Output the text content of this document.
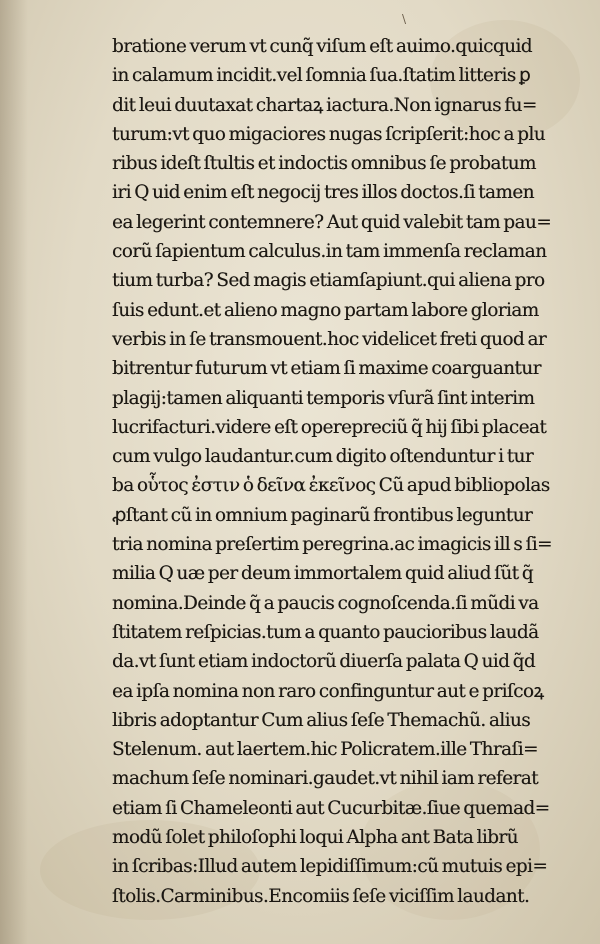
\
bratione verum vt cunq̃ viſum eſt auimo.quicquid
in calamum incidit.vel ſomnia ſua.ſtatim litteris ꝑ
dit leui duutaxat chartaꝝ iactura.Non ignarus fu=
turum:vt quo migaciores nugas ſcripſerit:hoc a plu
ribus ideſt ſtultis et indoctis omnibus ſe probatum
iri Q uid enim eſt negocij tres illos doctos.ſi tamen
ea legerint contemnere? Aut quid valebit tam pau=
corũ ſapientum calculus.in tam immenſa reclaman
tium turba? Sed magis etiamſapiunt.qui aliena pro
ſuis edunt.et alieno magno partam labore gloriam
verbis in ſe transmouent.hoc videlicet freti quod ar
bitrentur futurum vt etiam ſi maxime coarguantur
plagij:tamen aliquanti temporis vſurã ſint interim
lucrifacturi.videre eſt operepreciũ q̃ hij ſibi placeat
cum vulgo laudantur.cum digito oſtenduntur i tur
ba οὗτος ἐστιν ὁ δεῖνα ἐκεῖνος Cũ apud bibliopolas
ꝓſtant cũ in omnium paginarũ frontibus leguntur
tria nomina preſertim peregrina.ac imagicis ill s ſi=
milia Q uæ per deum immortalem quid aliud ſũt q̃
nomina.Deinde q̃ a paucis cognoſcenda.ſi mũdi va
ſtitatem reſpicias.tum a quanto paucioribus laudã
da.vt ſunt etiam indoctorũ diuerſa palata Q uid q̃d
ea ipſa nomina non raro confinguntur aut e priſcoꝝ
libris adoptantur Cum alius ſeſe Themachũ. alius
Stelenum. aut laertem.hic Policratem.ille Thraſi=
machum ſeſe nominari.gaudet.vt nihil iam referat
etiam ſi Chameleonti aut Cucurbitæ.ſiue quemad=
modũ ſolet philoſophi loqui Alpha ant Bata librũ
in ſcribas:Illud autem lepidiſſimum:cũ mutuis epi=
ſtolis.Carminibus.Encomiis ſeſe viciſſim laudant.
